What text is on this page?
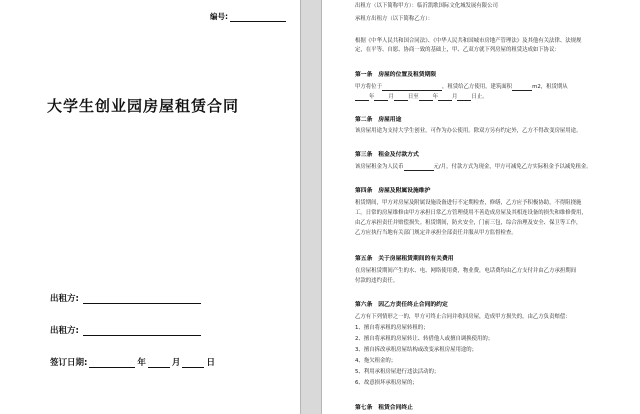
编号:
大学生创业园房屋租赁合同
出租方:
出租方:
签订日期:	年	月	日
出租方（以下简称甲方）：临沂凯歌国际文化城发展有限公司
承租方出租方（以下简称乙方）：
根据《中华人民共和国合同法》、《中华人民共和国城市房地产管理法》及其他有关法律、法规规
定，在平等、自愿、协商一致的基础上，甲、乙双方就下列房屋的租赁达成如下协议：
第一条　房屋的位置及租赁期限
甲方将位于	，租赁给乙方使用，建筑面积	m2，租赁期从
年	月	日至	年	月	日止。
第二条　房屋用途
该房屋用途为支持大学生创业，可作为办公使用。除双方另有约定外，乙方不得改变房屋用途。
第三条　租金及付款方式
该房屋租金为人民币	元/月，付款方式为现金，甲方可减免乙方实际租金予以减免租金。
第四条　房屋及附属设施维护
租赁期间，甲方对房屋及附属设施设备进行不定期检查，修缮，乙方应予积极协助，不得阻挠施
工。日常的房屋维修由甲方承担日常乙方管理使用不善造成房屋及其相连设备的损失和维修费用，
由乙方承担责任并赔偿损失。租赁期间，防火安全，门前三包，综合治理及安全、保卫等工作，
乙方应执行当地有关部门规定并承担全部责任并服从甲方监督检查。
第五条　关于房屋租赁期间的有关费用
在房屋租赁期间产生的水、电、网络使用费，物业费，电话费均由乙方支付并由乙方承担期间
付款的违约责任。
第六条　因乙方责任终止合同的约定
乙方有下列情形之一的，甲方可终止合同并收回房屋，造成甲方损失的，由乙方负责赔偿：
1、擅自将承租的房屋转租的；
2、擅自将承租的房屋转让、转借他人或擅自调换使用的；
3、擅自拆改承租房屋结构或改变承租房屋用途的；
4、拖欠租金的；
5、利用承租房屋进行违法活动的；
6、故意损坏承租房屋的；
第七条　租赁合同终止
